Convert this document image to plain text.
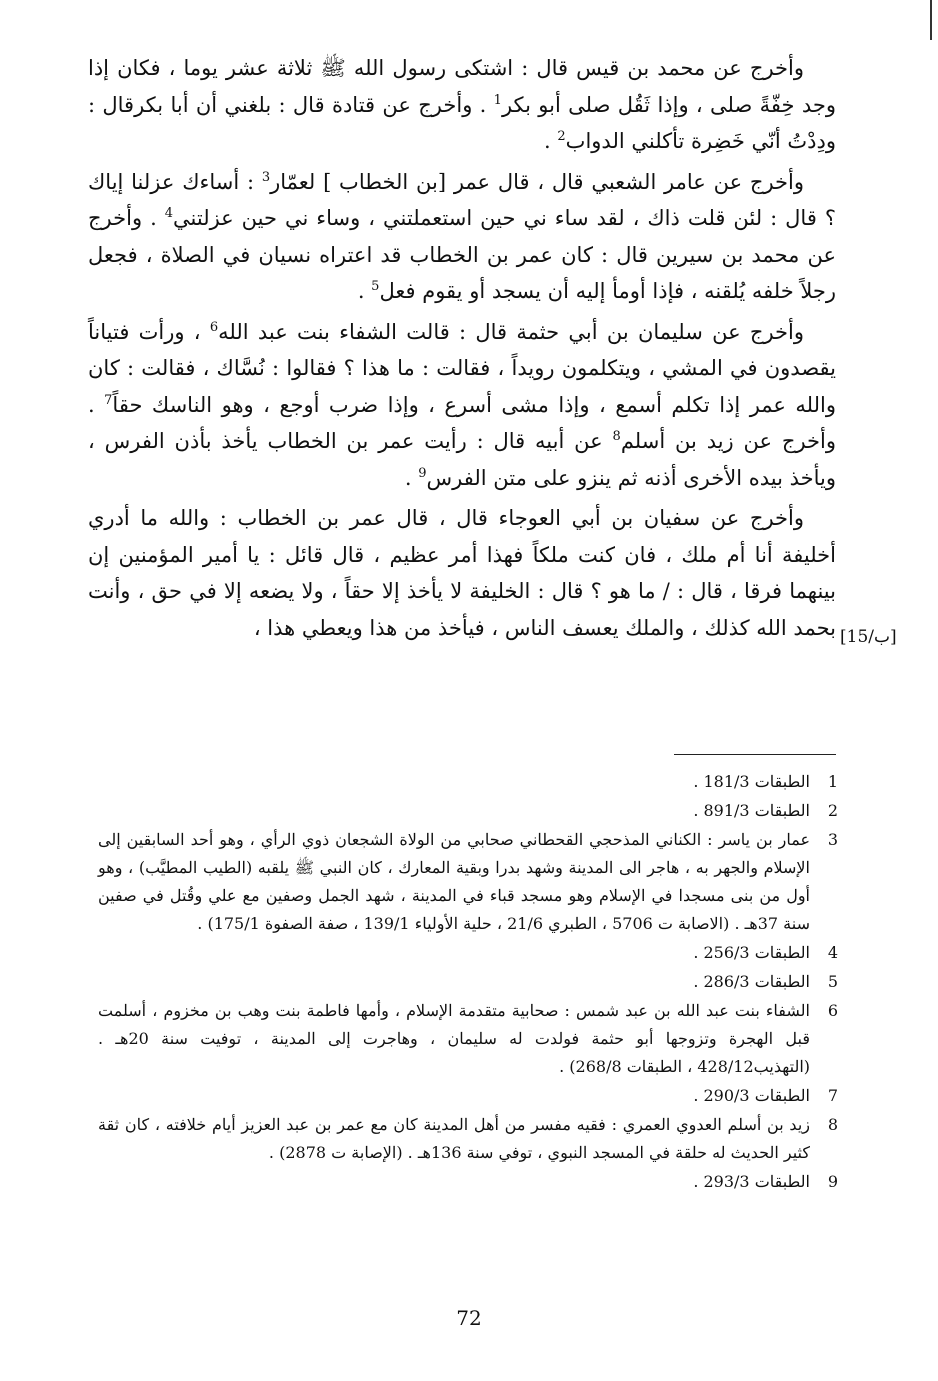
وأخرج عن محمد بن قيس قال : اشتكى رسول الله ﷺ ثلاثة عشر يوما ، فكان إذا وجد خِفّةً صلى ، وإذا ثَقُل صلى أبو بكر$^1$ . وأخرج عن قتادة قال : بلغني أن أبا بكرقال : ودِدْتُ أنّي خَضِرة تأكلني الدواب$^2$ .

وأخرج عن عامر الشعبي قال ، قال عمر [بن الخطاب ] لعمّار$^3$ : أساءك عزلنا إياك ؟ قال : لئن قلت ذاك ، لقد ساء ني حين استعملتني ، وساء ني حين عزلتني$^4$ . وأخرج عن محمد بن سيرين قال : كان عمر بن الخطاب قد اعتراه نسيان في الصلاة ، فجعل رجلاً خلفه يُلقنه ، فإذا أومأ إليه أن يسجد أو يقوم فعل$^5$ .

وأخرج عن سليمان بن أبي حثمة قال : قالت الشفاء بنت عبد الله$^6$ ، ورأت فتياناً يقصدون في المشي ، ويتكلمون رويداً ، فقالت : ما هذا ؟ فقالوا : نُسَّاك ، فقالت : كان والله عمر إذا تكلم أسمع ، وإذا مشى أسرع ، وإذا ضرب أوجع ، وهو الناسك حقاً$^7$ . وأخرج عن زيد بن أسلم$^8$ عن أبيه قال : رأيت عمر بن الخطاب يأخذ بأذن الفرس ، ويأخذ بيده الأخرى أذنه ثم ينزو على متن الفرس$^9$ .

وأخرج عن سفيان بن أبي العوجاء قال ، قال عمر بن الخطاب : والله ما أدري أخليفة أنا أم ملك ، فان كنت ملكاً فهذا أمر عظيم ، قال قائل : يا أمير المؤمنين إن بينهما فرقا ، قال : / ما هو ؟ قال : الخليفة لا يأخذ إلا حقاً ، ولا يضعه إلا في حق ، وأنت بحمد الله كذلك ، والملك يعسف الناس ، فيأخذ من هذا ويعطي هذا ، [15/ب]
1
الطبقات 181/3 .
2
الطبقات 891/3 .
3
عمار بن ياسر : الكناني المذحجي القحطاني صحابي من الولاة الشجعان ذوي الرأي ، وهو أحد السابقين إلى الإسلام والجهر به ، هاجر الى المدينة وشهد بدرا وبقية المعارك ، كان النبي ﷺ يلقبه (الطيب المطيَّب) ، وهو أول من بنى مسجدا في الإسلام وهو مسجد قباء في المدينة ، شهد الجمل وصفين مع علي وقُتل في صفين سنة 37هـ . (الاصابة ت 5706 ، الطبري 21/6 ، حلية الأولياء 139/1 ، صفة الصفوة 175/1) .
4
الطبقات 256/3 .
5
الطبقات 286/3 .
6
الشفاء بنت عبد الله بن عبد شمس : صحابية متقدمة الإسلام ، وأمها فاطمة بنت وهب بن مخزوم ، أسلمت قبل الهجرة وتزوجها أبو حثمة فولدت له سليمان ، وهاجرت إلى المدينة ، توفيت سنة 20هـ . (التهذيب428/12 ، الطبقات 268/8) .
7
الطبقات 290/3 .
8
زيد بن أسلم العدوي العمري : فقيه مفسر من أهل المدينة كان مع عمر بن عبد العزيز أيام خلافته ، كان ثقة كثير الحديث له حلقة في المسجد النبوي ، توفي سنة 136هـ . (الإصابة ت 2878) .
9
الطبقات 293/3 .
72
